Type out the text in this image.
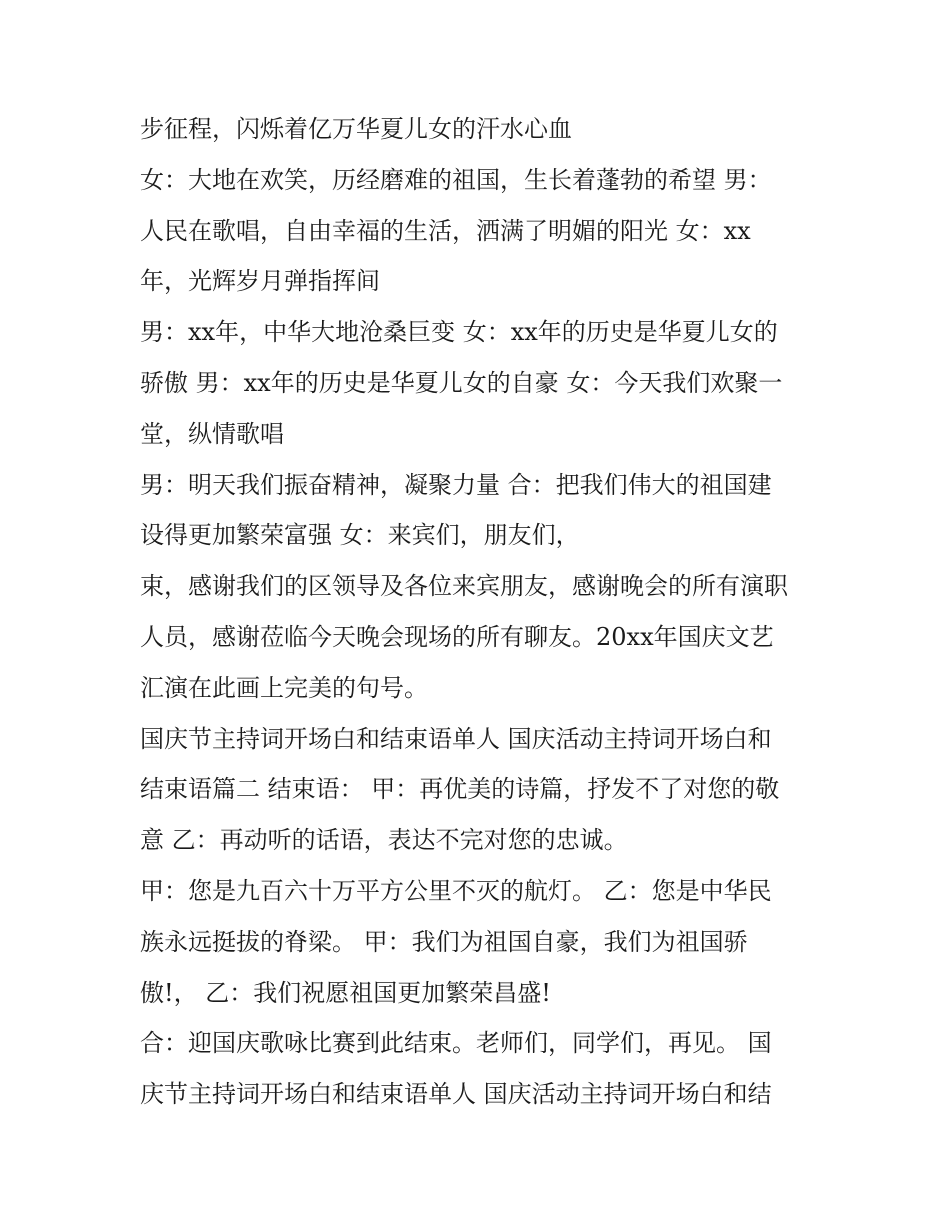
步征程，闪烁着亿万华夏儿女的汗水心血
女：大地在欢笑，历经磨难的祖国，生长着蓬勃的希望 男：
人民在歌唱，自由幸福的生活，洒满了明媚的阳光 女：xx
年，光辉岁月弹指挥间
男：xx年，中华大地沧桑巨变 女：xx年的历史是华夏儿女的
骄傲 男：xx年的历史是华夏儿女的自豪 女：今天我们欢聚一
堂，纵情歌唱
男：明天我们振奋精神，凝聚力量 合：把我们伟大的祖国建
设得更加繁荣富强 女：来宾们，朋友们，
束，感谢我们的区领导及各位来宾朋友，感谢晚会的所有演职
人员，感谢莅临今天晚会现场的所有聊友。20xx年国庆文艺
汇演在此画上完美的句号。
国庆节主持词开场白和结束语单人 国庆活动主持词开场白和
结束语篇二 结束语： 甲：再优美的诗篇，抒发不了对您的敬
意 乙：再动听的话语，表达不完对您的忠诚。
甲：您是九百六十万平方公里不灭的航灯。 乙：您是中华民
族永远挺拔的脊梁。 甲：我们为祖国自豪，我们为祖国骄
傲!， 乙：我们祝愿祖国更加繁荣昌盛!
合：迎国庆歌咏比赛到此结束。老师们，同学们，再见。 国
庆节主持词开场白和结束语单人 国庆活动主持词开场白和结
